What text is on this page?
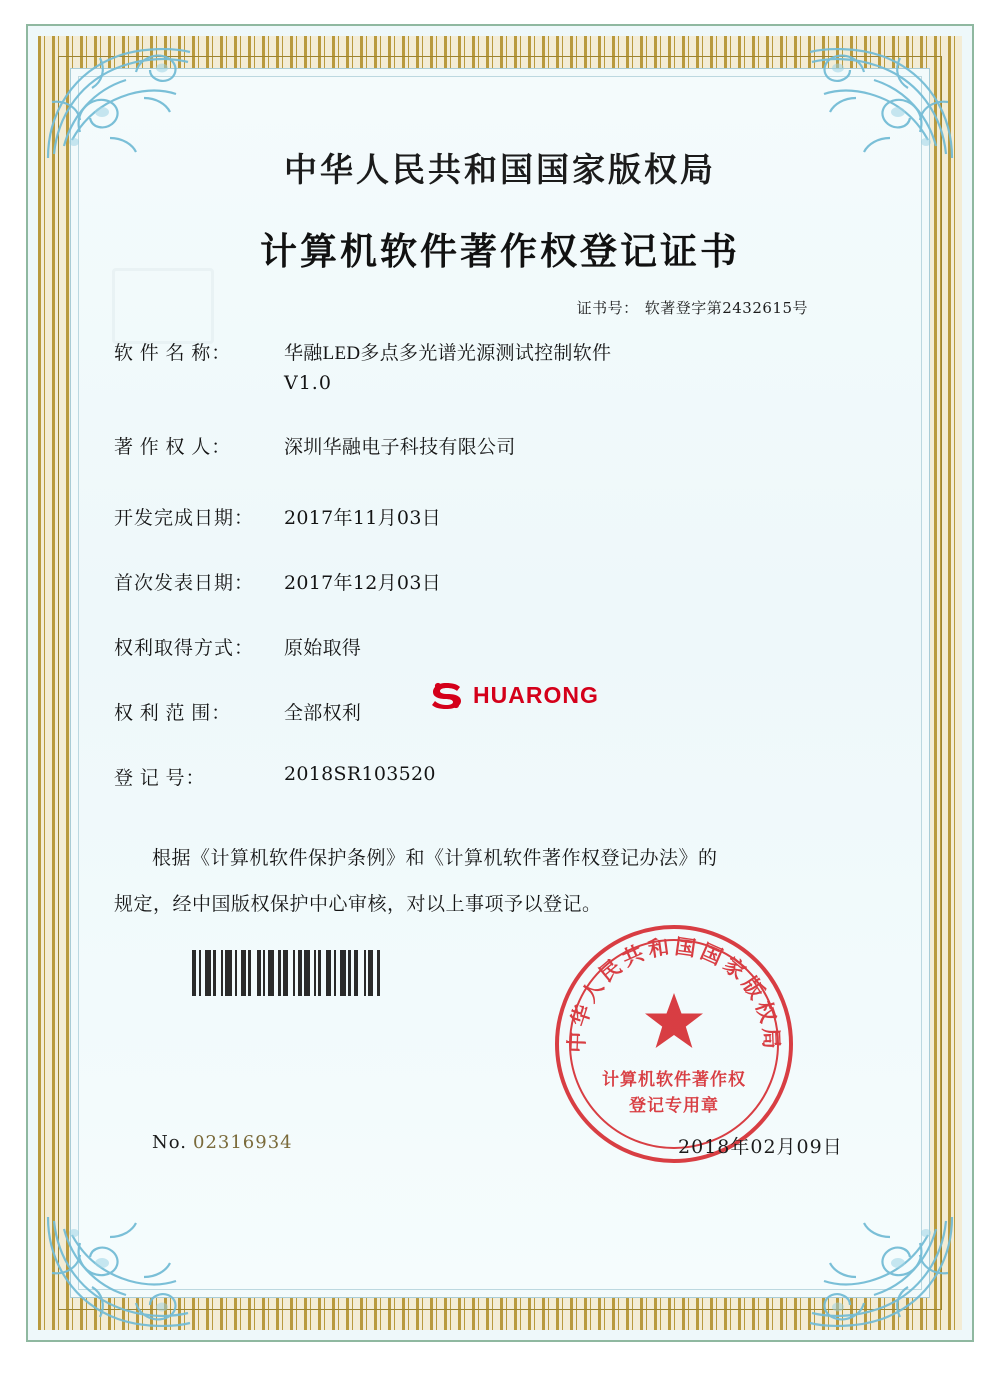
中华人民共和国国家版权局
计算机软件著作权登记证书
证书号： 软著登字第2432615号
软 件 名 称：	华融LED多点多光谱光源测试控制软件
V1.0
著 作 权 人：	深圳华融电子科技有限公司
开发完成日期：	2017年11月03日
首次发表日期：	2017年12月03日
权利取得方式：	原始取得
权 利 范 围：	全部权利
登 记 号：	2018SR103520
根据《计算机软件保护条例》和《计算机软件著作权登记办法》的
规定，经中国版权保护中心审核，对以上事项予以登记。
HUARONG
中华人民共和国国家版权局
计算机软件著作权
登记专用章
2018年02月09日
No. 02316934
